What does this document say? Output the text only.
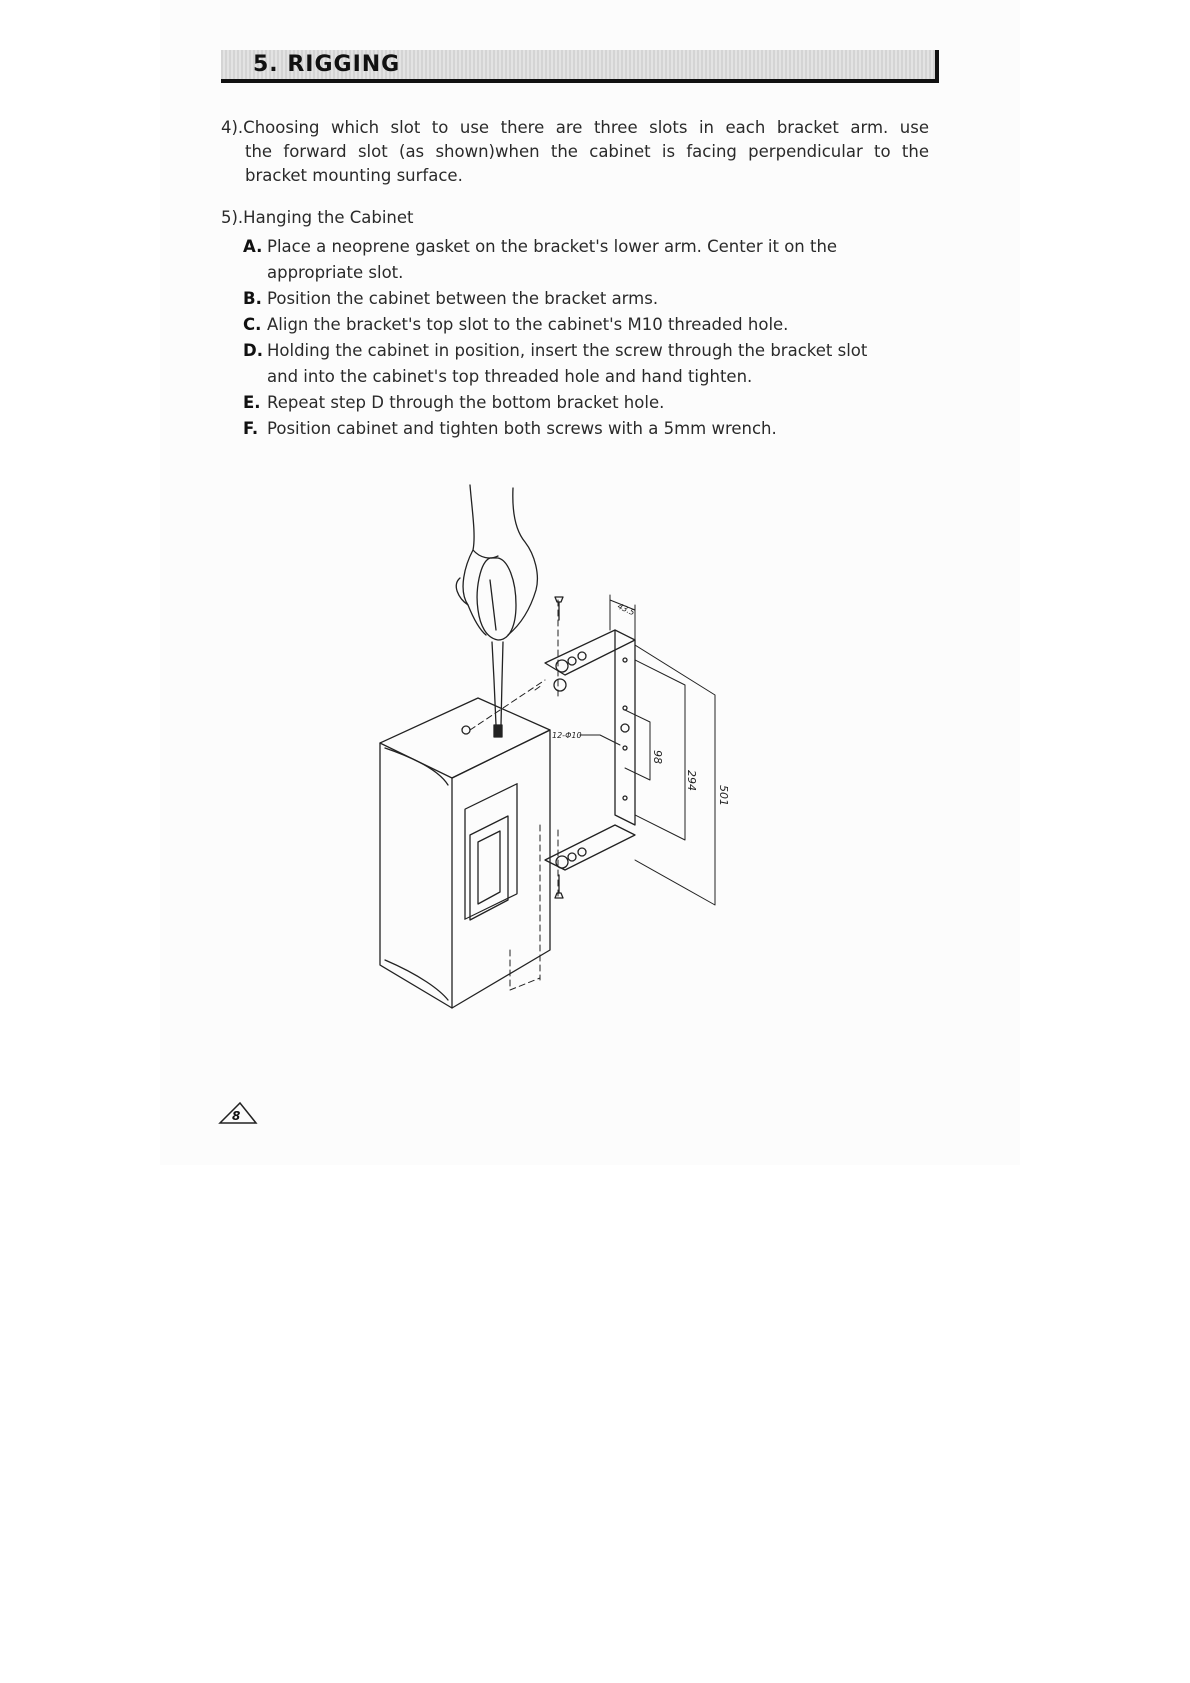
5. RIGGING
4).Choosing which slot to use there are three slots in each bracket arm. use
the forward slot (as shown)when the cabinet is facing perpendicular to the
bracket mounting surface.
5).Hanging the Cabinet
A. Place a neoprene gasket on the bracket's lower arm. Center it on the
appropriate slot.
B. Position the cabinet between the bracket arms.
C. Align the bracket's top slot to the cabinet's M10 threaded hole.
D. Holding the cabinet in position, insert the screw through the bracket slot
and into the cabinet's top threaded hole and hand tighten.
E. Repeat step D through the bottom bracket hole.
F. Position cabinet and tighten both screws with a 5mm wrench.
43.5
12-Φ10
98
294
501
8
